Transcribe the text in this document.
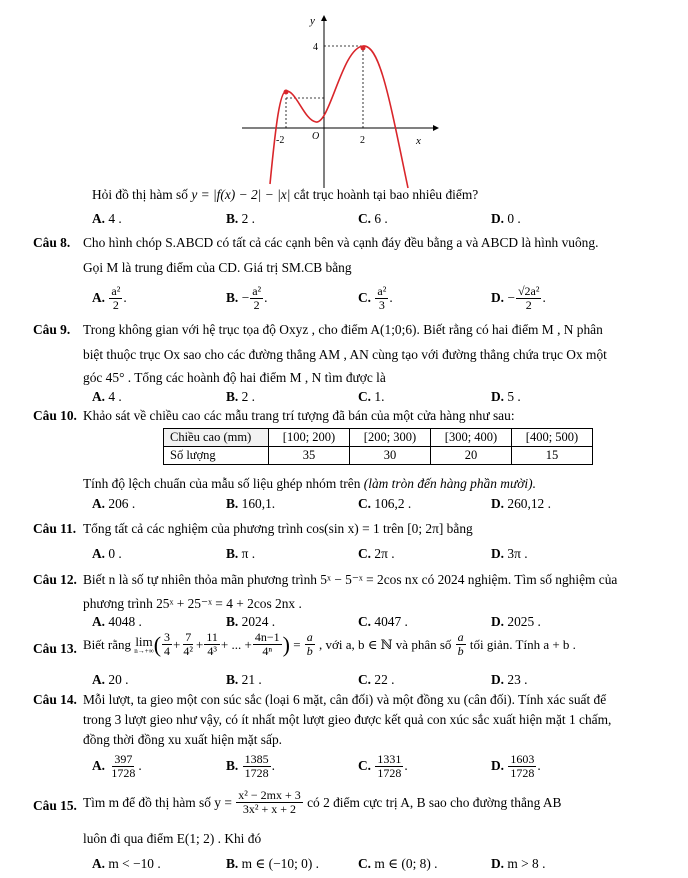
y
4
x
-2	O	2
Hỏi đồ thị hàm số y = |f(x) − 2| − |x| cắt trục hoành tại bao nhiêu điểm?
A. 4 .	B. 2 .	C. 6 .	D. 0 .
Câu 8. Cho hình chóp S.ABCD có tất cả các cạnh bên và cạnh đáy đều bằng a và ABCD là hình vuông.
Gọi M là trung điểm của CD. Giá trị SM.CB bằng
A. $\frac{\text{a²}}{2}$ .	B. − $\frac{\text{a²}}{2}$ .	C. $\frac{\text{a²}}{3}$ .	D. − $\frac{\text{√2a²}}{2}$ .
Câu 9. Trong không gian với hệ trục tọa độ Oxyz , cho điểm A(1;0;6). Biết rằng có hai điểm M , N phân
biệt thuộc trục Ox sao cho các đường thẳng AM , AN cùng tạo với đường thẳng chứa trục Ox một
góc 45° . Tổng các hoành độ hai điểm M , N tìm được là
A. 4 .	B. 2 .	C. 1.	D. 5 .
Câu 10. Khảo sát về chiều cao các mẫu trang trí tượng đã bán của một cửa hàng như sau:
Chiều cao (mm)	[100; 200)	[200; 300)	[300; 400)	[400; 500)
Số lượng	35	30	20	15
Tính độ lệch chuẩn của mẫu số liệu ghép nhóm trên (làm tròn đến hàng phần mười).
A. 206 .	B. 160,1.	C. 106,2 .	D. 260,12 .
Câu 11. Tổng tất cả các nghiệm của phương trình cos(sin x) = 1 trên [0; 2π] bằng
A. 0 .	B. π .	C. 2π .	D. 3π .
Câu 12. Biết n là số tự nhiên thỏa mãn phương trình 5ˣ − 5⁻ˣ = 2cos nx có 2024 nghiệm. Tìm số nghiệm của
phương trình 25ˣ + 25⁻ˣ = 4 + 2cos 2nx .
A. 4048 .	B. 2024 .	C. 4047 .	D. 2025 .
Câu 13. Biết rằng
lim
n→+∞ ( $\frac{3}{4} + \frac{7}{\text{4²}} + \frac{11}{\text{4³}}$ + ... + $\frac{4n-1}{\text{4ⁿ}}$ )
=
$\frac{a}{b}$
, với a, b ∈ ℕ và phân số
$\frac{a}{b}$
tối giản. Tính a + b .
A. 20 .	B. 21 .	C. 22 .	D. 23 .
Câu 14. Mỗi lượt, ta gieo một con súc sắc (loại 6 mặt, cân đối) và một đồng xu (cân đối). Tính xác suất để
trong 3 lượt gieo như vậy, có ít nhất một lượt gieo được kết quả con xúc sắc xuất hiện mặt 1 chấm,
đồng thời đồng xu xuất hiện mặt sấp.
A. $\frac{397}{1728}$ .	B. $\frac{1385}{1728}$ .	C. $\frac{1331}{1728}$ .	D. $\frac{1603}{1728}$ .
Câu 15. Tìm m để đồ thị hàm số y =
$\frac{\text{x² − 2mx + 3}}{\text{3x² + x + 2}}$
có 2 điểm cực trị A, B sao cho đường thẳng AB
luôn đi qua điểm E(1; 2) . Khi đó
A. m < −10 .	B. m ∈ (−10; 0) .	C. m ∈ (0; 8) .	D. m > 8 .
